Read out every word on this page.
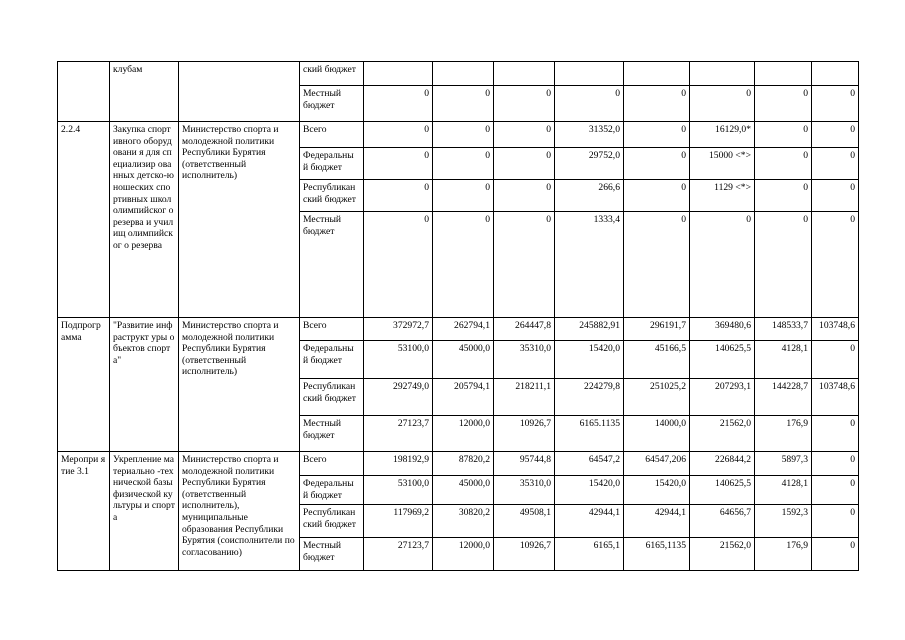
	клубам		ский бюджет								
			Местный бюджет	0	0	0	0	0	0	0	0
2.2.4	Закупка спортивного оборудовани я для специализир ованных детско-юношеских спортивных школ олимпийског о резерва и училищ олимпийског о резерва	Министерство спорта и молодежной политики Республики Бурятия (ответственный исполнитель)	Всего	0	0	0	31352,0	0	16129,0*	0	0
			Федеральны й бюджет	0	0	0	29752,0	0	15000 <*>	0	0
			Республикан ский бюджет	0	0	0	266,6	0	1129 <*>	0	0
			Местный бюджет	0	0	0	1333,4	0	0	0	0
Подпрогр амма	"Развитие инфраструкт уры объектов спорта"	Министерство спорта и молодежной политики Республики Бурятия (ответственный исполнитель)	Всего	372972,7	262794,1	264447,8	245882,91	296191,7	369480,6	148533,7	103748,6
			Федеральны й бюджет	53100,0	45000,0	35310,0	15420,0	45166,5	140625,5	4128,1	0
			Республикан ский бюджет	292749,0	205794,1	218211,1	224279,8	251025,2	207293,1	144228,7	103748,6
			Местный бюджет	27123,7	12000,0	10926,7	6165.1135	14000,0	21562,0	176,9	0
Меропри ятие 3.1	Укрепление материально -технической базы физической культуры и спорта	Министерство спорта и молодежной политики Республики Бурятия (ответственный исполнитель), муниципальные образования Республики Бурятия (соисполнители по согласованию)	Всего	198192,9	87820,2	95744,8	64547,2	64547,206	226844,2	5897,3	0
			Федеральны й бюджет	53100,0	45000,0	35310,0	15420,0	15420,0	140625,5	4128,1	0
			Республикан ский бюджет	117969,2	30820,2	49508,1	42944,1	42944,1	64656,7	1592,3	0
			Местный бюджет	27123,7	12000,0	10926,7	6165,1	6165,1135	21562,0	176,9	0
